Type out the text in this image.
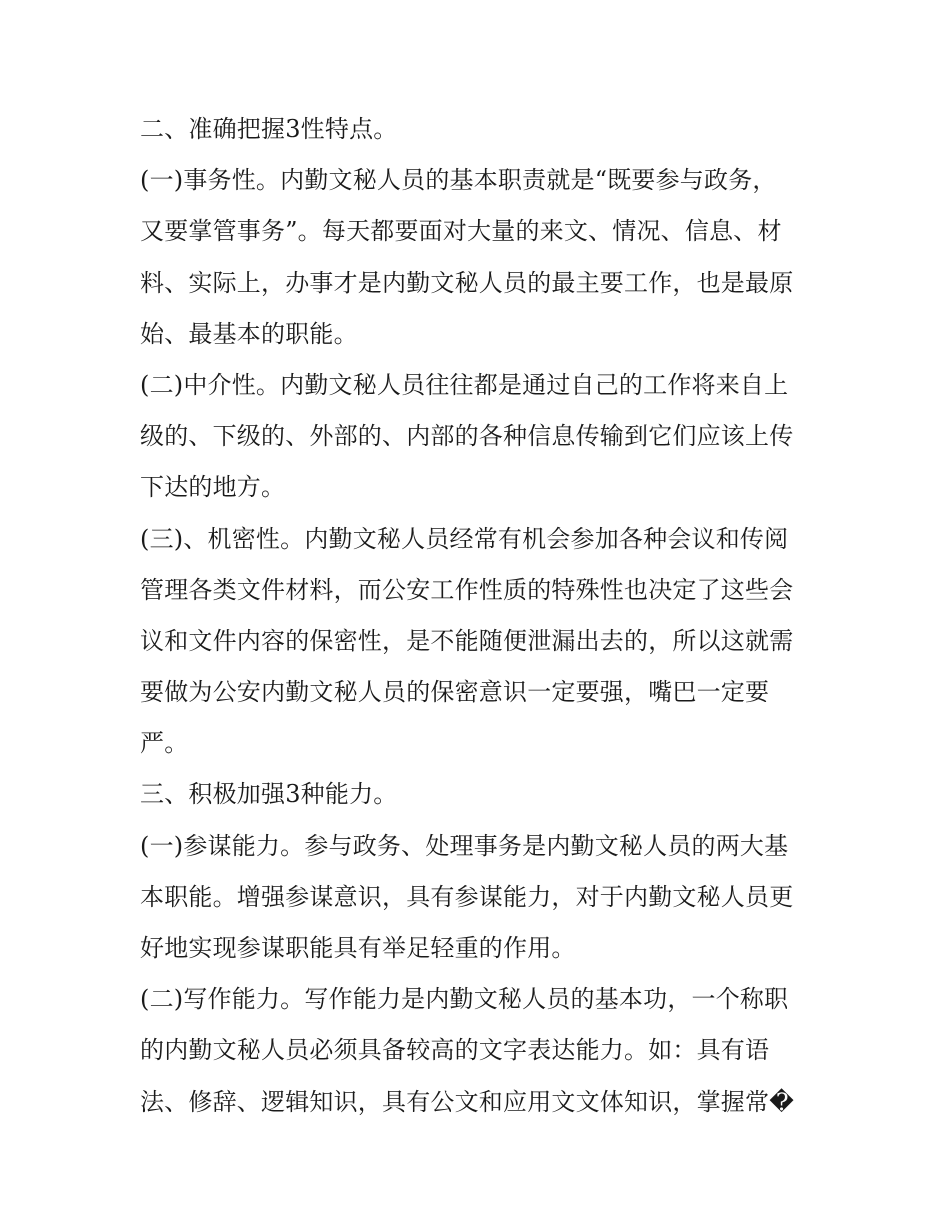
二、准确把握3性特点。
(一)事务性。内勤文秘人员的基本职责就是“既要参与政务，
又要掌管事务”。每天都要面对大量的来文、情况、信息、材
料、实际上，办事才是内勤文秘人员的最主要工作，也是最原
始、最基本的职能。
(二)中介性。内勤文秘人员往往都是通过自己的工作将来自上
级的、下级的、外部的、内部的各种信息传输到它们应该上传
下达的地方。
(三)、机密性。内勤文秘人员经常有机会参加各种会议和传阅
管理各类文件材料，而公安工作性质的特殊性也决定了这些会
议和文件内容的保密性，是不能随便泄漏出去的，所以这就需
要做为公安内勤文秘人员的保密意识一定要强，嘴巴一定要
严。
三、积极加强3种能力。
(一)参谋能力。参与政务、处理事务是内勤文秘人员的两大基
本职能。增强参谋意识，具有参谋能力，对于内勤文秘人员更
好地实现参谋职能具有举足轻重的作用。
(二)写作能力。写作能力是内勤文秘人员的基本功，一个称职
的内勤文秘人员必须具备较高的文字表达能力。如：具有语
法、修辞、逻辑知识，具有公文和应用文文体知识，掌握常�
